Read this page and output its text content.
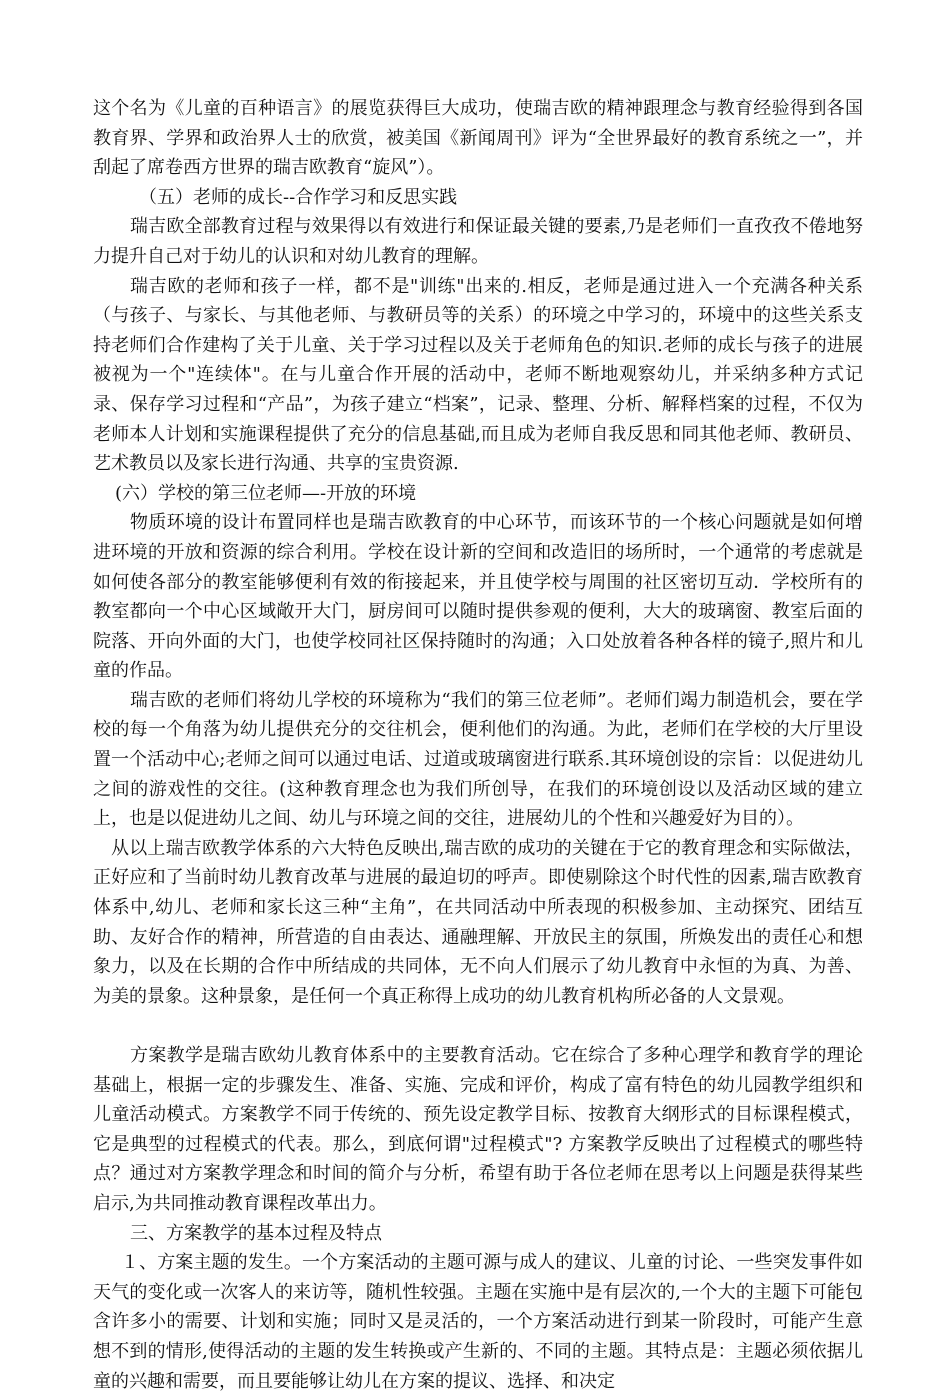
这个名为《儿童的百种语言》的展览获得巨大成功，使瑞吉欧的精神跟理念与教育经验得到各国教育界、学界和政治界人士的欣赏，被美国《新闻周刊》评为“全世界最好的教育系统之一”，并刮起了席卷西方世界的瑞吉欧教育“旋风”）。

（五）老师的成长--合作学习和反思实践

瑞吉欧全部教育过程与效果得以有效进行和保证最关键的要素,乃是老师们一直孜孜不倦地努力提升自己对于幼儿的认识和对幼儿教育的理解。

瑞吉欧的老师和孩子一样，都不是"训练"出来的.相反，老师是通过进入一个充满各种关系（与孩子、与家长、与其他老师、与教研员等的关系）的环境之中学习的，环境中的这些关系支持老师们合作建构了关于儿童、关于学习过程以及关于老师角色的知识.老师的成长与孩子的进展被视为一个"连续体"。在与儿童合作开展的活动中，老师不断地观察幼儿，并采纳多种方式记录、保存学习过程和“产品”，为孩子建立“档案”，记录、整理、分析、解释档案的过程，不仅为老师本人计划和实施课程提供了充分的信息基础,而且成为老师自我反思和同其他老师、教研员、艺术教员以及家长进行沟通、共享的宝贵资源.

(六）学校的第三位老师—-开放的环境

物质环境的设计布置同样也是瑞吉欧教育的中心环节，而该环节的一个核心问题就是如何增进环境的开放和资源的综合利用。学校在设计新的空间和改造旧的场所时，一个通常的考虑就是如何使各部分的教室能够便利有效的衔接起来，并且使学校与周围的社区密切互动．学校所有的教室都向一个中心区域敞开大门，厨房间可以随时提供参观的便利，大大的玻璃窗、教室后面的院落、开向外面的大门，也使学校同社区保持随时的沟通；入口处放着各种各样的镜子,照片和儿童的作品。

瑞吉欧的老师们将幼儿学校的环境称为“我们的第三位老师”。老师们竭力制造机会，要在学校的每一个角落为幼儿提供充分的交往机会，便利他们的沟通。为此，老师们在学校的大厅里设置一个活动中心;老师之间可以通过电话、过道或玻璃窗进行联系.其环境创设的宗旨：以促进幼儿之间的游戏性的交往。(这种教育理念也为我们所创导，在我们的环境创设以及活动区域的建立上，也是以促进幼儿之间、幼儿与环境之间的交往，进展幼儿的个性和兴趣爱好为目的）。

从以上瑞吉欧教学体系的六大特色反映出,瑞吉欧的成功的关键在于它的教育理念和实际做法，正好应和了当前时幼儿教育改革与进展的最迫切的呼声。即使剔除这个时代性的因素,瑞吉欧教育体系中,幼儿、老师和家长这三种“主角”，在共同活动中所表现的积极参加、主动探究、团结互助、友好合作的精神，所营造的自由表达、通融理解、开放民主的氛围，所焕发出的责任心和想象力，以及在长期的合作中所结成的共同体，无不向人们展示了幼儿教育中永恒的为真、为善、为美的景象。这种景象，是任何一个真正称得上成功的幼儿教育机构所必备的人文景观。

方案教学是瑞吉欧幼儿教育体系中的主要教育活动。它在综合了多种心理学和教育学的理论基础上，根据一定的步骤发生、准备、实施、完成和评价，构成了富有特色的幼儿园教学组织和儿童活动模式。方案教学不同于传统的、预先设定教学目标、按教育大纲形式的目标课程模式，它是典型的过程模式的代表。那么，到底何谓"过程模式"? 方案教学反映出了过程模式的哪些特点？通过对方案教学理念和时间的简介与分析，希望有助于各位老师在思考以上问题是获得某些启示,为共同推动教育课程改革出力。

三、方案教学的基本过程及特点

１、方案主题的发生。一个方案活动的主题可源与成人的建议、儿童的讨论、一些突发事件如天气的变化或一次客人的来访等，随机性较强。主题在实施中是有层次的,一个大的主题下可能包含许多小的需要、计划和实施；同时又是灵活的，一个方案活动进行到某一阶段时，可能产生意想不到的情形,使得活动的主题的发生转换或产生新的、不同的主题。其特点是：主题必须依据儿童的兴趣和需要，而且要能够让幼儿在方案的提议、选择、和决定
